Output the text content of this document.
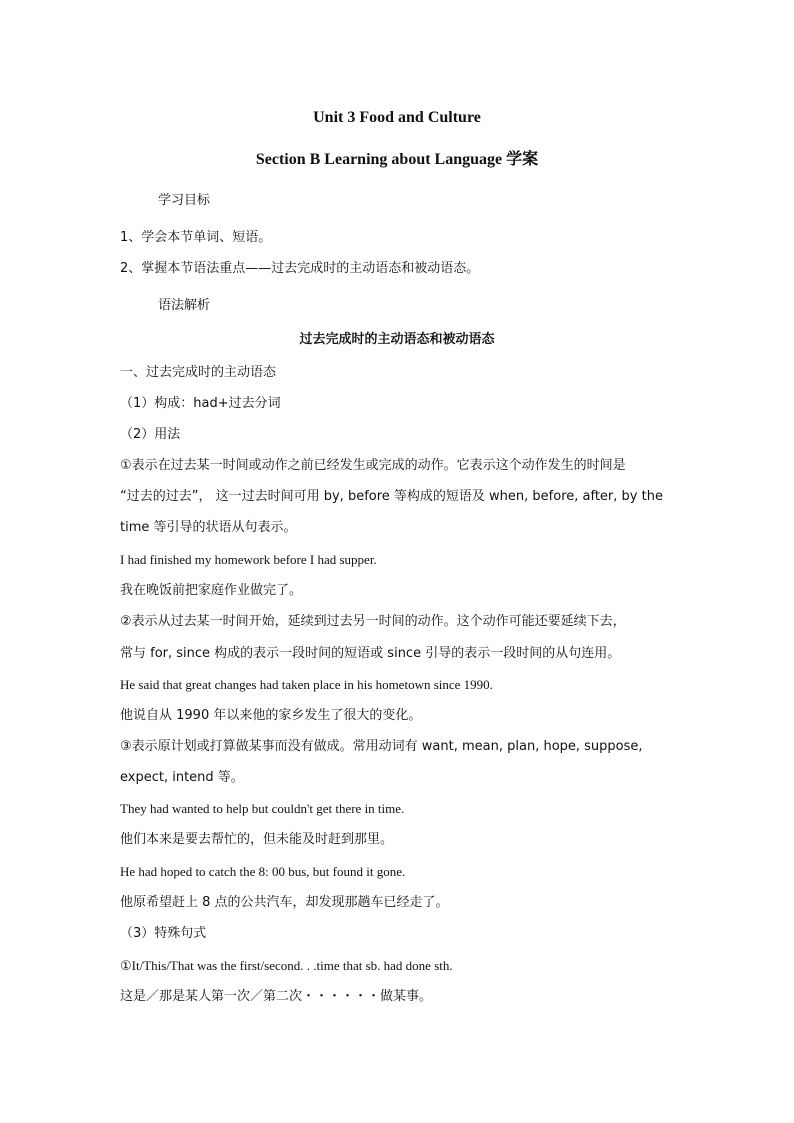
Unit 3 Food and Culture
Section B Learning about Language 学案
学习目标
1、学会本节单词、短语。
2、掌握本节语法重点——过去完成时的主动语态和被动语态。
语法解析
过去完成时的主动语态和被动语态
一、过去完成时的主动语态
（1）构成：had+过去分词
（2）用法
①表示在过去某一时间或动作之前已经发生或完成的动作。它表示这个动作发生的时间是
“过去的过去”， 这一过去时间可用 by, before 等构成的短语及 when, before, after, by the
time 等引导的状语从句表示。
I had finished my homework before I had supper.
我在晚饭前把家庭作业做完了。
②表示从过去某一时间开始，延续到过去另一时间的动作。这个动作可能还要延续下去，
常与 for, since 构成的表示一段时间的短语或 since 引导的表示一段时间的从句连用。
He said that great changes had taken place in his hometown since 1990.
他说自从 1990 年以来他的家乡发生了很大的变化。
③表示原计划或打算做某事而没有做成。常用动词有 want, mean, plan, hope, suppose,
expect, intend 等。
They had wanted to help but couldn't get there in time.
他们本来是要去帮忙的，但未能及时赶到那里。
He had hoped to catch the 8: 00 bus, but found it gone.
他原希望赶上 8 点的公共汽车，却发现那趟车已经走了。
（3）特殊句式
①It/This/That was the first/second. . .time that sb. had done sth.
这是／那是某人第一次／第二次・・・・・・做某事。
